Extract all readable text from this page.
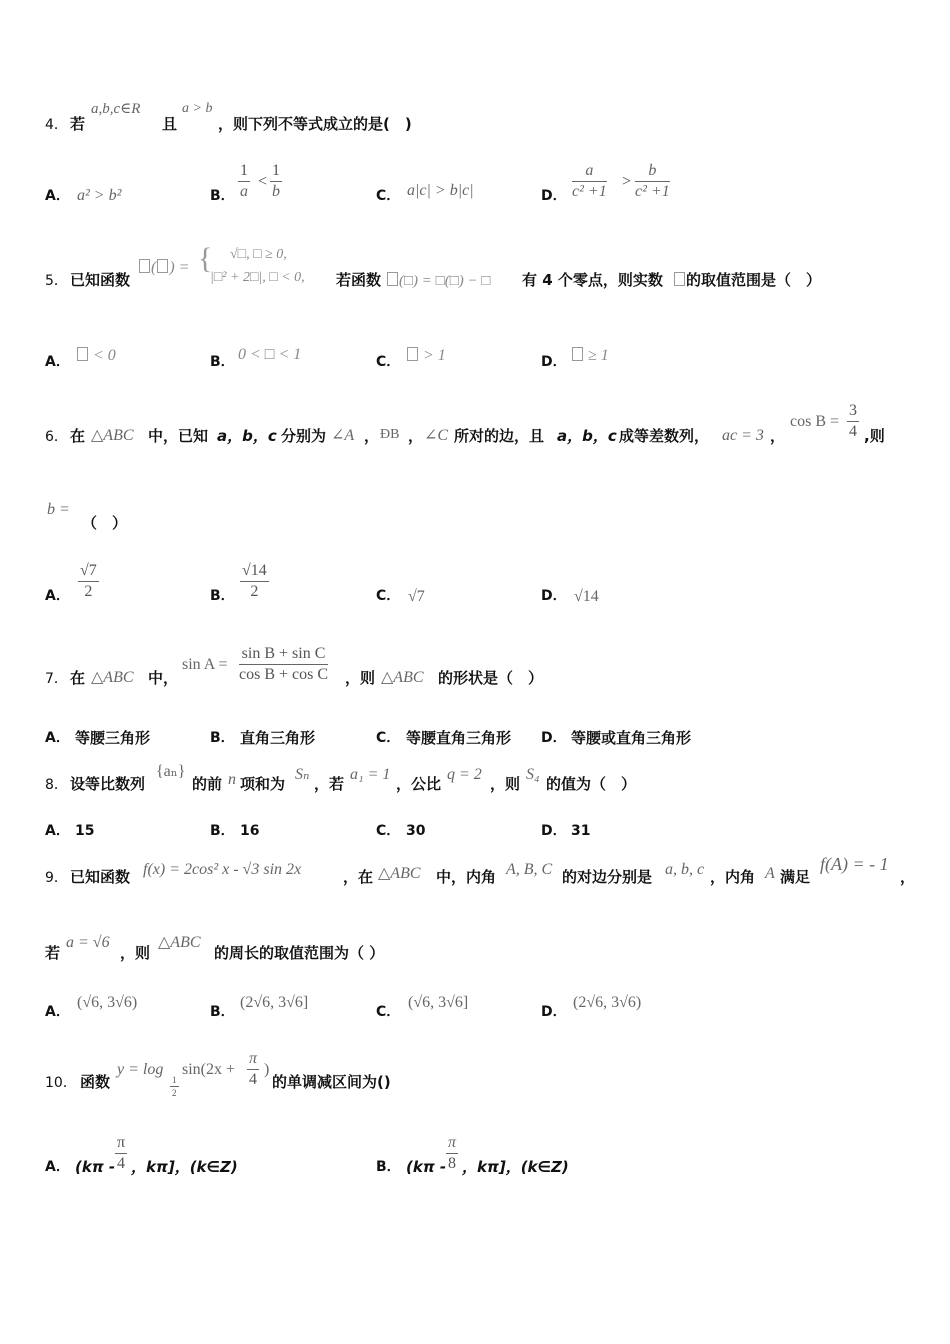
4． 若
a,b,c∈R
且
a > b
，则下列不等式成立的是(　)
A． a² > b²	B． $\frac{1}{a} < \frac{1}{b}$	C． a|c| > b|c|	D． $\frac{a}{\text{c² +1}} > \frac{b}{\text{c² +1}}$
5． 已知函数
( ) = { √□, □ ≥ 0,
|□² + 2□|, □ < 0, 若函数	(□) = □(□) − □ 有 4 个零点，则实数 的取值范围是（　）
A．	< 0	B． 0 < □ < 1	C．	> 1	D．	≥ 1
6． 在 △ABC 中，已知 a，b，c 分别为 ∠A ， ÐB ， ∠C 所对的边，且 a，b，c 成等差数列， ac = 3 ，
$\cos B = \frac{3}{4}$ ,则
b =
（　）
A． $\frac{√7}{2}$	B． $\frac{√14}{2}$	C． √7	D． √14
7． 在 △ABC 中，
$\sin A = \frac{\text{sin B + sin C}}{\text{cos B + cos C}}$ ，则 △ABC 的形状是（　）
A． 等腰三角形	B． 直角三角形	C． 等腰直角三角形 D． 等腰或直角三角形
8． 设等比数列
{aₙ}
的前 n 项和为
Sₙ
，若
a₁ = 1
，公比
q = 2
，则
S₄
的值为（　）
A． 15	B． 16	C． 30	D． 31
9． 已知函数 f(x) = 2cos² x - √3 sin 2x	，在 △ABC 中，内角 A, B, C 的对边分别是 a, b, c ，内角 A 满足
f(A) = - 1
，
若
a = √6
，则
△ABC
的周长的取值范围为（ ）
A．
(√6, 3√6)
B．
(2√6, 3√6]
C．
(√6, 3√6]
D．
(2√6, 3√6)
10． 函数
y = log
$\frac{1}{2}$
$\sin(2x + \frac{\pi}{4}$ )
的单调减区间为()
A． ($k\pi - \frac{\pi}{4}$ ，kπ]，(k∈Z)	B． ($k\pi - \frac{\pi}{8}$ ，kπ]，(k∈Z)
